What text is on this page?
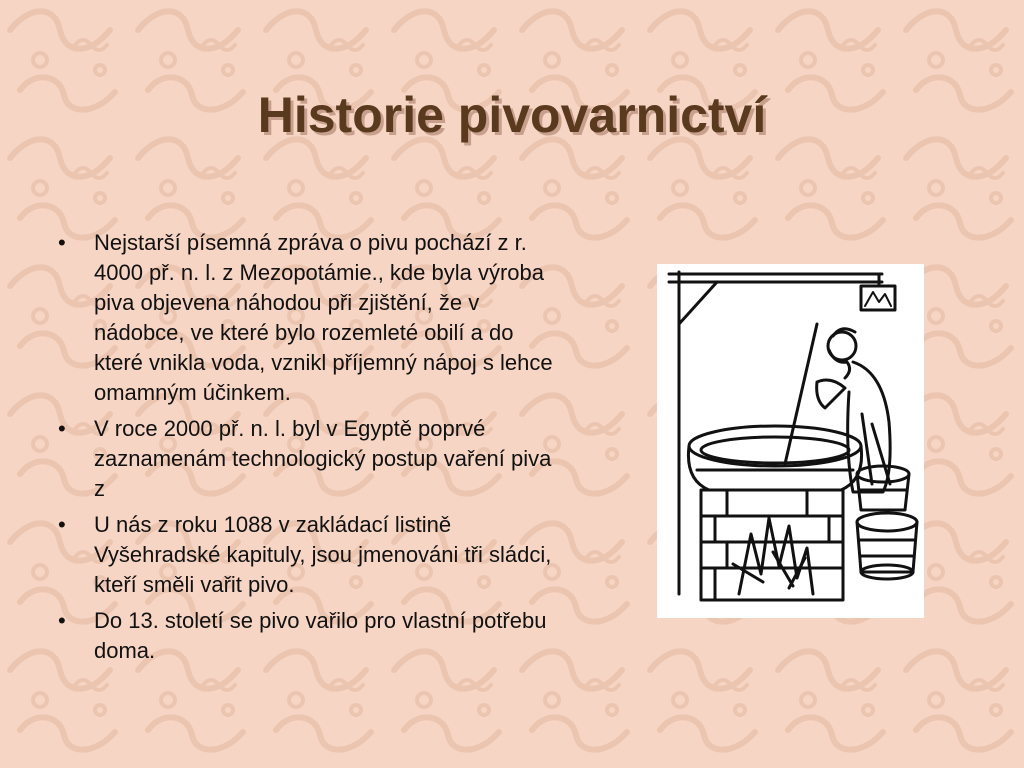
Historie pivovarnictví
•	Nejstarší písemná zpráva o pivu pochází z r. 4000 př. n. l. z Mezopotámie., kde byla výroba piva objevena náhodou při zjištění, že v nádobce, ve které bylo rozemleté obilí a do které vnikla voda, vznikl příjemný nápoj s lehce omamným účinkem.
•	V roce 2000 př. n. l. byl v Egyptě poprvé zaznamenám technologický postup vaření piva z
•	U nás z roku 1088 v zakládací listině Vyšehradské kapituly, jsou jmenováni tři sládci, kteří směli vařit pivo.
•	Do 13. století se pivo vařilo pro vlastní potřebu doma.
